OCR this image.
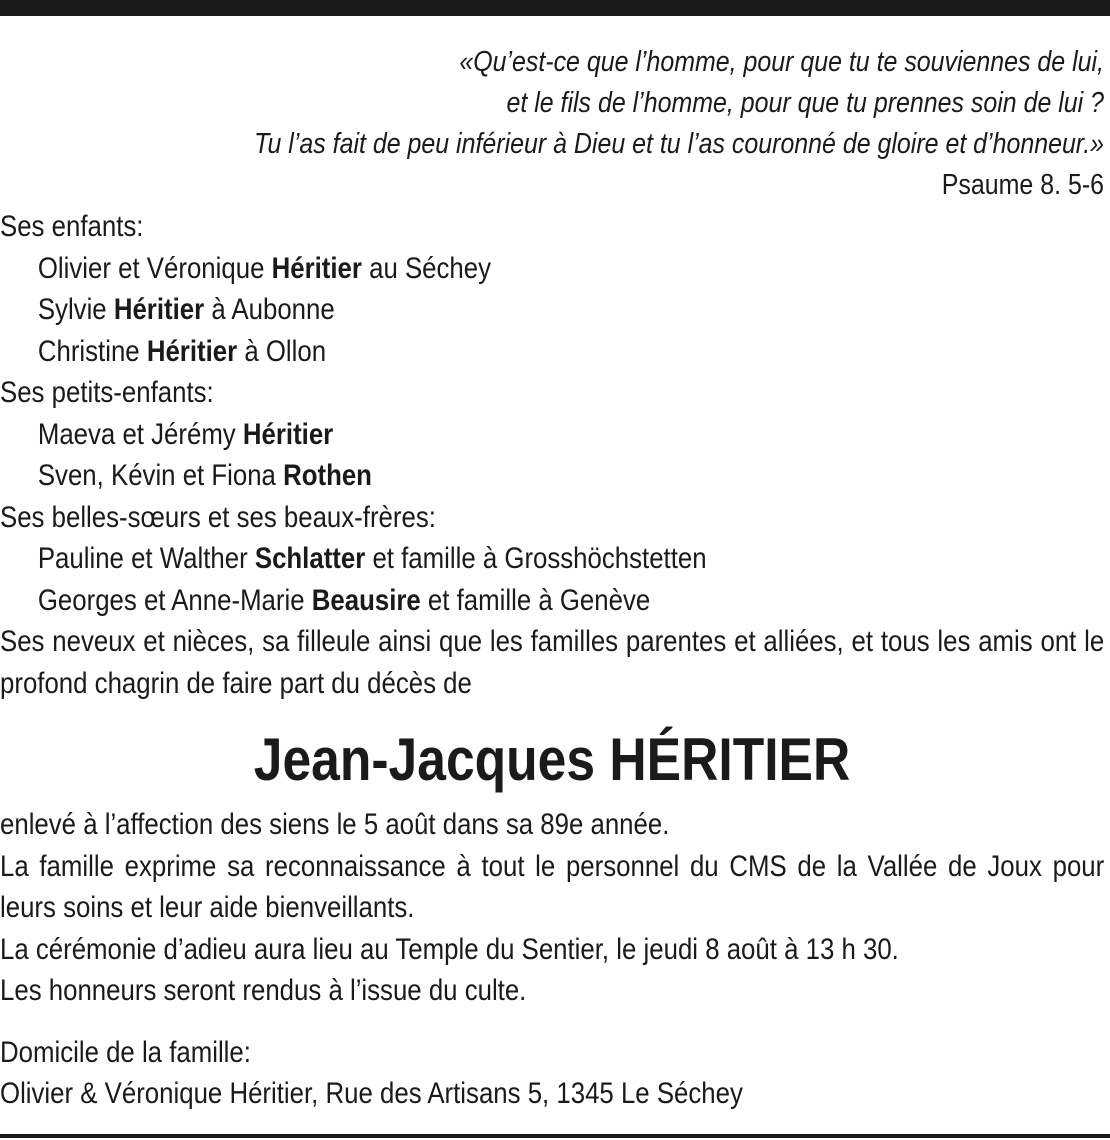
«Qu’est-ce que l’homme, pour que tu te souviennes de lui,
et le fils de l’homme, pour que tu prennes soin de lui ?
Tu l’as fait de peu inférieur à Dieu et tu l’as couronné de gloire et d’honneur.»
Psaume 8. 5-6
Ses enfants:
Olivier et Véronique Héritier au Séchey
Sylvie Héritier à Aubonne
Christine Héritier à Ollon
Ses petits-enfants:
Maeva et Jérémy Héritier
Sven, Kévin et Fiona Rothen
Ses belles-sœurs et ses beaux-frères:
Pauline et Walther Schlatter et famille à Grosshöchstetten
Georges et Anne-Marie Beausire et famille à Genève
Ses neveux et nièces, sa filleule ainsi que les familles parentes et alliées, et tous les amis ont le profond chagrin de faire part du décès de
Jean-Jacques HÉRITIER
enlevé à l’affection des siens le 5 août dans sa 89e année.
La famille exprime sa reconnaissance à tout le personnel du CMS de la Vallée de Joux pour leurs soins et leur aide bienveillants.
La cérémonie d’adieu aura lieu au Temple du Sentier, le jeudi 8 août à 13 h 30.
Les honneurs seront rendus à l’issue du culte.
Domicile de la famille:
Olivier & Véronique Héritier, Rue des Artisans 5, 1345 Le Séchey
